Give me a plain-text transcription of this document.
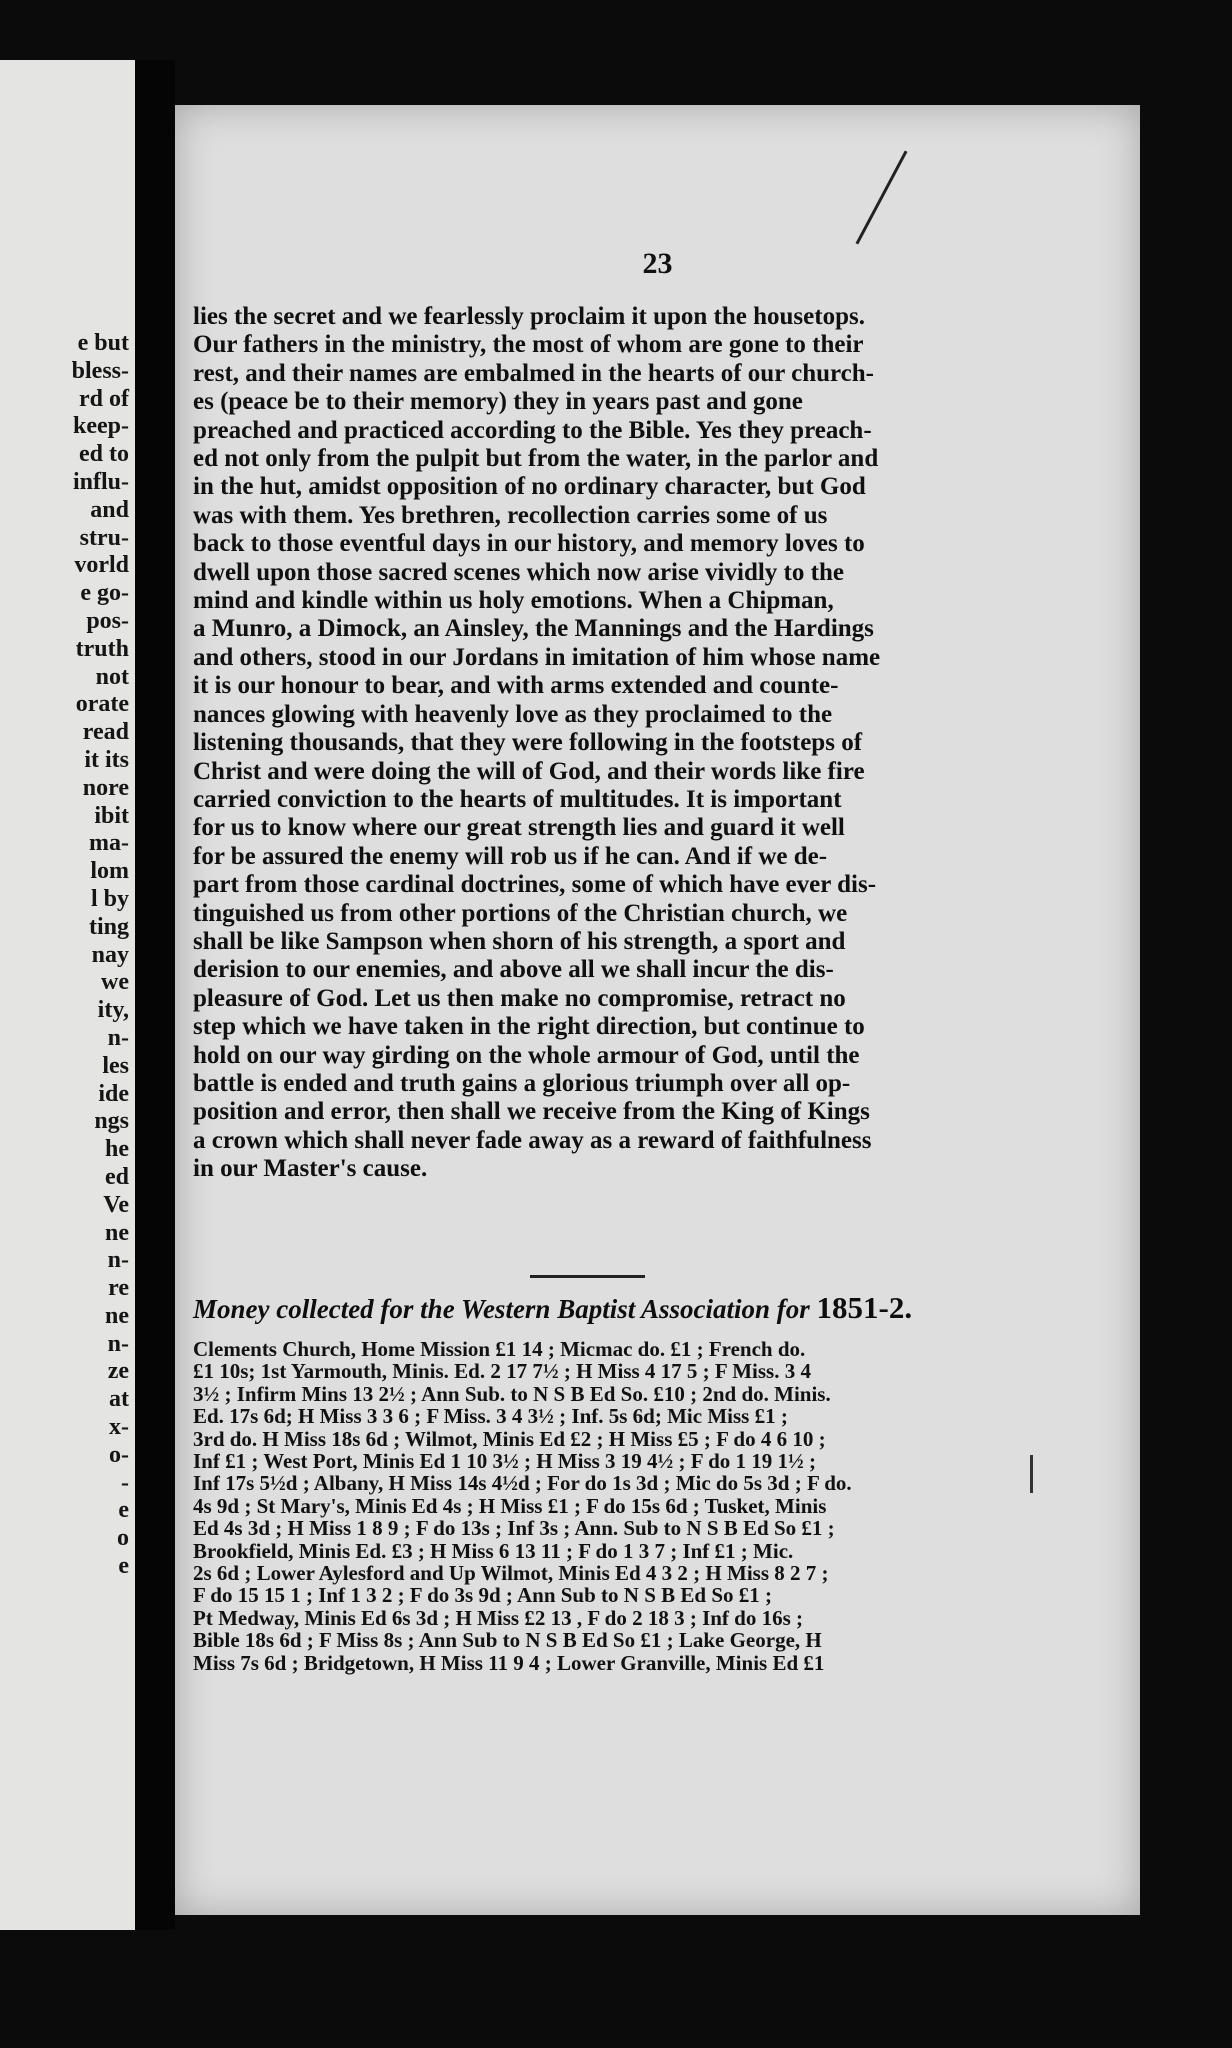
e but
bless-
rd of
keep-
ed to
influ-
and
stru-
vorld
e go-
pos-
truth
not
orate
read
it its
nore
ibit
ma-
lom
l by
ting
nay
we
ity,
n-
les
ide
ngs
he
ed
Ve
ne
n-
re
ne
n-
ze
at
x-
o-
-
e
o
e
23
lies the secret and we fearlessly proclaim it upon the housetops.
Our fathers in the ministry, the most of whom are gone to their
rest, and their names are embalmed in the hearts of our church-
es (peace be to their memory) they in years past and gone
preached and practiced according to the Bible. Yes they preach-
ed not only from the pulpit but from the water, in the parlor and
in the hut, amidst opposition of no ordinary character, but God
was with them. Yes brethren, recollection carries some of us
back to those eventful days in our history, and memory loves to
dwell upon those sacred scenes which now arise vividly to the
mind and kindle within us holy emotions. When a Chipman,
a Munro, a Dimock, an Ainsley, the Mannings and the Hardings
and others, stood in our Jordans in imitation of him whose name
it is our honour to bear, and with arms extended and counte-
nances glowing with heavenly love as they proclaimed to the
listening thousands, that they were following in the footsteps of
Christ and were doing the will of God, and their words like fire
carried conviction to the hearts of multitudes. It is important
for us to know where our great strength lies and guard it well
for be assured the enemy will rob us if he can. And if we de-
part from those cardinal doctrines, some of which have ever dis-
tinguished us from other portions of the Christian church, we
shall be like Sampson when shorn of his strength, a sport and
derision to our enemies, and above all we shall incur the dis-
pleasure of God. Let us then make no compromise, retract no
step which we have taken in the right direction, but continue to
hold on our way girding on the whole armour of God, until the
battle is ended and truth gains a glorious triumph over all op-
position and error, then shall we receive from the King of Kings
a crown which shall never fade away as a reward of faithfulness
in our Master's cause.
Money collected for the Western Baptist Association for 1851-2.
Clements Church, Home Mission £1 14 ; Micmac do. £1 ; French do.
£1 10s; 1st Yarmouth, Minis. Ed. 2 17 7½ ; H Miss 4 17 5 ; F Miss. 3 4
3½ ; Infirm Mins 13 2½ ; Ann Sub. to N S B Ed So. £10 ; 2nd do. Minis.
Ed. 17s 6d; H Miss 3 3 6 ; F Miss. 3 4 3½ ; Inf. 5s 6d; Mic Miss £1 ;
3rd do. H Miss 18s 6d ; Wilmot, Minis Ed £2 ; H Miss £5 ; F do 4 6 10 ;
Inf £1 ; West Port, Minis Ed 1 10 3½ ; H Miss 3 19 4½ ; F do 1 19 1½ ;
Inf 17s 5½d ; Albany, H Miss 14s 4½d ; For do 1s 3d ; Mic do 5s 3d ; F do.
4s 9d ; St Mary's, Minis Ed 4s ; H Miss £1 ; F do 15s 6d ; Tusket, Minis
Ed 4s 3d ; H Miss 1 8 9 ; F do 13s ; Inf 3s ; Ann. Sub to N S B Ed So £1 ;
Brookfield, Minis Ed. £3 ; H Miss 6 13 11 ; F do 1 3 7 ; Inf £1 ; Mic.
2s 6d ; Lower Aylesford and Up Wilmot, Minis Ed 4 3 2 ; H Miss 8 2 7 ;
F do 15 15 1 ; Inf 1 3 2 ; F do 3s 9d ; Ann Sub to N S B Ed So £1 ;
Pt Medway, Minis Ed 6s 3d ; H Miss £2 13 , F do 2 18 3 ; Inf do 16s ;
Bible 18s 6d ; F Miss 8s ; Ann Sub to N S B Ed So £1 ; Lake George, H
Miss 7s 6d ; Bridgetown, H Miss 11 9 4 ; Lower Granville, Minis Ed £1
